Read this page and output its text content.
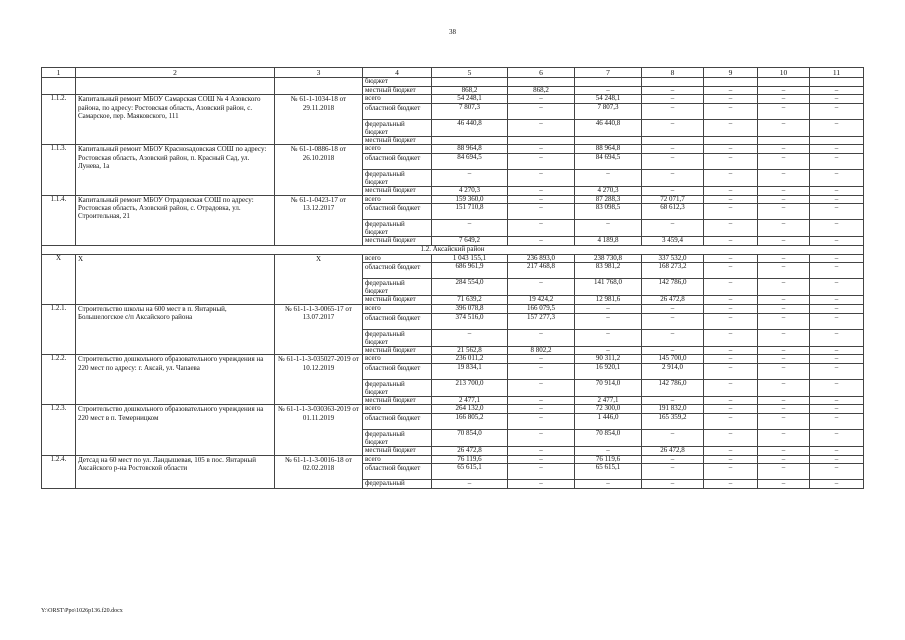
38
1	2	3	4	5	6	7	8	9	10	11
			бюджет							
			местный бюджет	868,2	868,2	–	–	–	–	–
1.1.2.	Капитальный ремонт МБОУ Самарская СОШ № 4 Азовского района, по адресу: Ростовская область, Азовский район, с. Самарское, пер. Маяковского, 111	№ 61-1-1034-18 от 29.11.2018	всего	54 248,1	–	54 248,1	–	–	–	–
			областной бюджет	7 807,3	–	7 807,3	–	–	–	–
			федеральный бюджет	46 440,8	–	46 440,8	–	–	–	–
			местный бюджет							
1.1.3.	Капитальный ремонт МБОУ Краснosадовская СОШ по адресу: Ростовская область, Азовский район, п. Красный Сад, ул. Лунева, 1а	№ 61-1-0886-18 от 26.10.2018	всего	88 964,8	–	88 964,8	–	–	–	–
			областной бюджет	84 694,5	–	84 694,5	–	–	–	–
			федеральный бюджет	–	–	–	–	–	–	–
			местный бюджет	4 270,3	–	4 270,3	–	–	–	–
1.1.4.	Капитальный ремонт МБОУ Отрадовская СОШ по адресу: Ростовская область, Азовский район, с. Отрадовка, ул. Строительная, 21	№ 61-1-0423-17 от 13.12.2017	всего	159 360,0	–	87 288,3	72 071,7	–	–	–
			областной бюджет	151 710,8	–	83 098,5	68 612,3	–	–	–
			федеральный бюджет	–	–	–	–	–	–	–
			местный бюджет	7 649,2	–	4 189,8	3 459,4	–	–	–
1.2. Аксайский район										
Х	Х	Х	всего	1 043 155,1	236 893,0	238 730,8	337 532,0	–	–	–
			областной бюджет	686 961,9	217 468,8	83 981,2	168 273,2	–	–	–
			федеральный бюджет	284 554,0	–	141 768,0	142 786,0	–	–	–
			местный бюджет	71 639,2	19 424,2	12 981,6	26 472,8	–	–	–
1.2.1.	Строительство школы на 600 мест в п. Янтарный, Большелогское с/п Аксайского района	№ 61-1-1-3-0065-17 от 13.07.2017	всего	396 078,8	166 079,5	–	–	–	–	–
			областной бюджет	374 516,0	157 277,3	–	–	–	–	–
			федеральный бюджет	–	–	–	–	–	–	–
			местный бюджет	21 562,8	8 802,2	–	–	–	–	–
1.2.2.	Строительство дошкольного образовательного учреждения на 220 мест по адресу: г. Аксай, ул. Чапаева	№ 61-1-1-3-035027-2019 от 10.12.2019	всего	236 011,2	–	90 311,2	145 700,0	–	–	–
			областной бюджет	19 834,1	–	16 920,1	2 914,0	–	–	–
			федеральный бюджет	213 700,0	–	70 914,0	142 786,0	–	–	–
			местный бюджет	2 477,1	–	2 477,1	–	–	–	–
1.2.3.	Строительство дошкольного образовательного учреждения на 220 мест в п. Темерницком	№ 61-1-1-3-030363-2019 от 01.11.2019	всего	264 132,0	–	72 300,0	191 832,0	–	–	–
			областной бюджет	166 805,2	–	1 446,0	165 359,2	–	–	–
			федеральный бюджет	70 854,0	–	70 854,0	–	–	–	–
			местный бюджет	26 472,8	–	–	26 472,8	–	–	–
1.2.4.	Детсад на 60 мест по ул. Ландышевая, 105 в пос. Янтарный Аксайского р-на Ростовской области	№ 61-1-1-3-0016-18 от 02.02.2018	всего	76 119,6	–	76 119,6	–	–	–	–
			областной бюджет	65 615,1	–	65 615,1	–	–	–	–
			федеральный	–	–	–	–	–	–	–
Y:\ORST\Ppo\1026p136.f20.docx
